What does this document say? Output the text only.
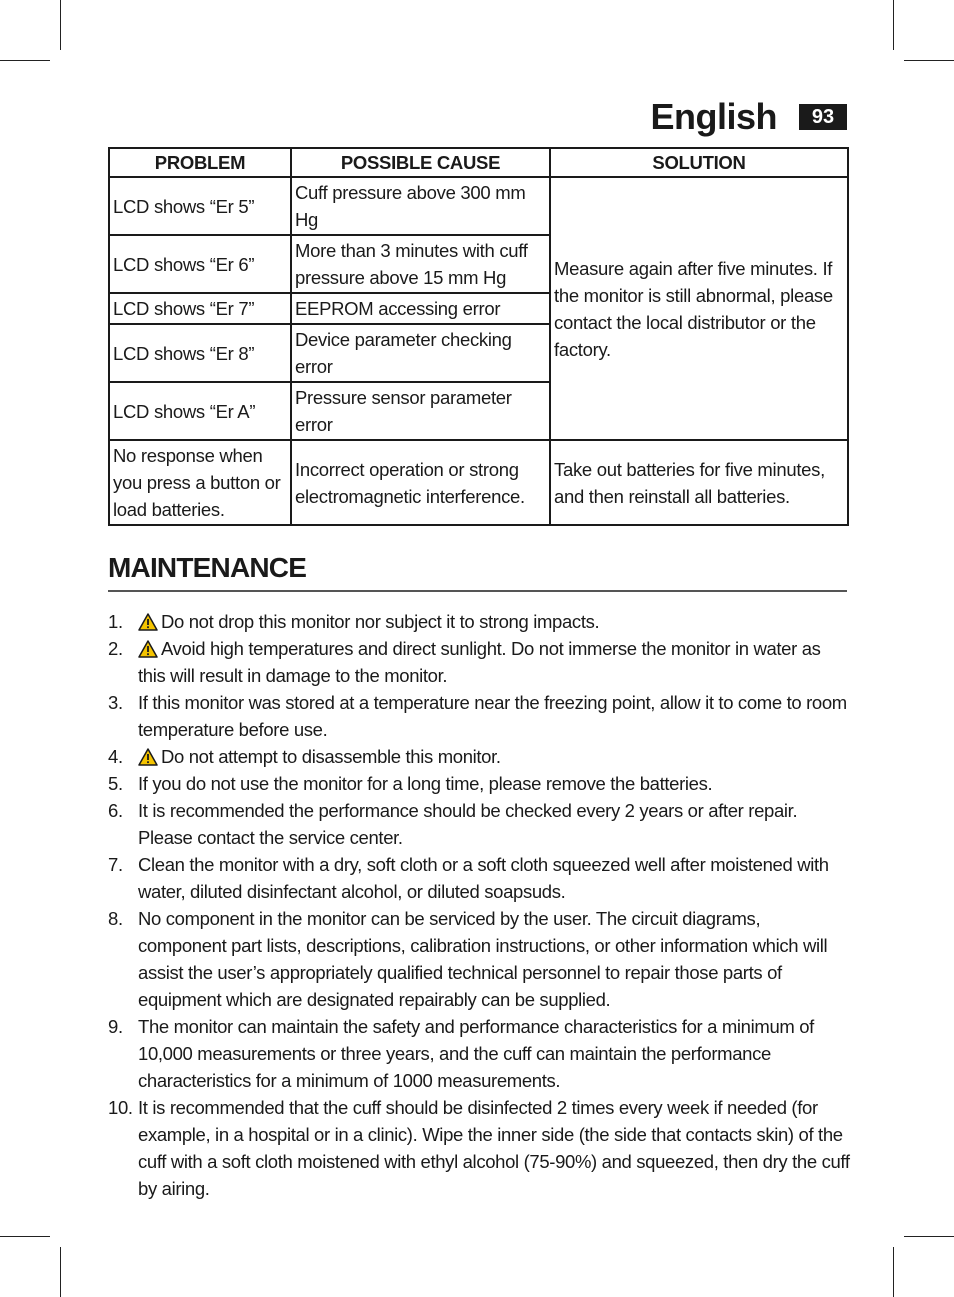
English	93
PROBLEM	POSSIBLE CAUSE	SOLUTION
LCD shows “Er 5”	Cuff pressure above 300 mm Hg	Measure again after five minutes. If the monitor is still abnormal, please contact the local distributor or the factory.
LCD shows “Er 6”	More than 3 minutes with cuff pressure above 15 mm Hg	
LCD shows “Er 7”	EEPROM accessing error	
LCD shows “Er 8”	Device parameter checking error	
LCD shows “Er A”	Pressure sensor parameter error	
No response when you press a button or load batteries.	Incorrect operation or strong electromagnetic interference.	Take out batteries for five minutes, and then reinstall all batteries.
MAINTENANCE
1. Do not drop this monitor nor subject it to strong impacts.
2. Avoid high temperatures and direct sunlight. Do not immerse the monitor in water as this will result in damage to the monitor.
3. If this monitor was stored at a temperature near the freezing point, allow it to come to room temperature before use.
4. Do not attempt to disassemble this monitor.
5. If you do not use the monitor for a long time, please remove the batteries.
6. It is recommended the performance should be checked every 2 years or after repair. Please contact the service center.
7. Clean the monitor with a dry, soft cloth or a soft cloth squeezed well after moistened with water, diluted disinfectant alcohol, or diluted soapsuds.
8. No component in the monitor can be serviced by the user. The circuit diagrams, component part lists, descriptions, calibration instructions, or other information which will assist the user’s appropriately qualified technical personnel to repair those parts of equipment which are designated repairably can be supplied.
9. The monitor can maintain the safety and performance characteristics for a minimum of 10,000 measurements or three years, and the cuff can maintain the performance characteristics for a minimum of 1000 measurements.
10. It is recommended that the cuff should be disinfected 2 times every week if needed (for example, in a hospital or in a clinic). Wipe the inner side (the side that contacts skin) of the cuff with a soft cloth moistened with ethyl alcohol (75-90%) and squeezed, then dry the cuff by airing.
